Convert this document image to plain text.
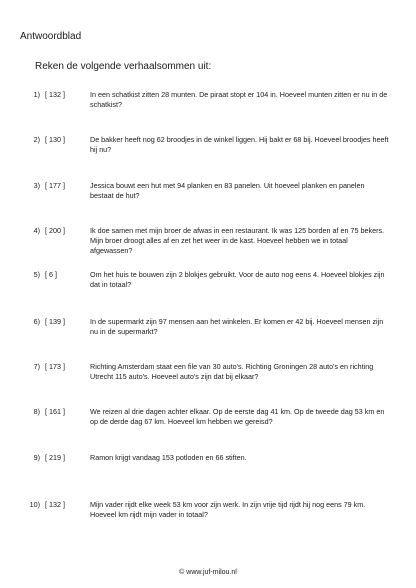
Antwoordblad
Reken de volgende verhaalsommen uit:
1) [ 132 ]	In een schatkist zitten 28 munten. De piraat stopt er 104 in. Hoeveel munten zitten er nu in de schatkist?
2) [ 130 ]	De bakker heeft nog 62 broodjes in de winkel liggen. Hij bakt er 68 bij. Hoeveel broodjes heeft hij nu?
3) [ 177 ]	Jessica bouwt een hut met 94 planken en 83 panelen. Uit hoeveel planken en panelen bestaat de hut?
4) [ 200 ]	Ik doe samen met mijn broer de afwas in een restaurant. Ik was 125 borden af en 75 bekers. Mijn broer droogt alles af en zet het weer in de kast. Hoeveel hebben we in totaal afgewassen?
5) [ 6 ]	Om het huis te bouwen zijn 2 blokjes gebruikt. Voor de auto nog eens 4. Hoeveel blokjes zijn dat in totaal?
6) [ 139 ]	In de supermarkt zijn 97 mensen aan het winkelen. Er komen er 42 bij. Hoeveel mensen zijn nu in de supermarkt?
7) [ 173 ]	Richting Amsterdam staat een file van 30 auto's. Richting Groningen 28 auto's en richting Utrecht 115 auto's. Hoeveel auto's zijn dat bij elkaar?
8) [ 161 ]	We reizen al drie dagen achter elkaar. Op de eerste dag 41 km. Op de tweede dag 53 km en op de derde dag 67 km. Hoeveel km hebben we gereisd?
9) [ 219 ]	Ramon krijgt vandaag 153 potloden en 66 stiften.
10) [ 132 ]	Mijn vader rijdt elke week 53 km voor zijn werk. In zijn vrije tijd rijdt hij nog eens 79 km. Hoeveel km rijdt mijn vader in totaal?
© www.juf-milou.nl
